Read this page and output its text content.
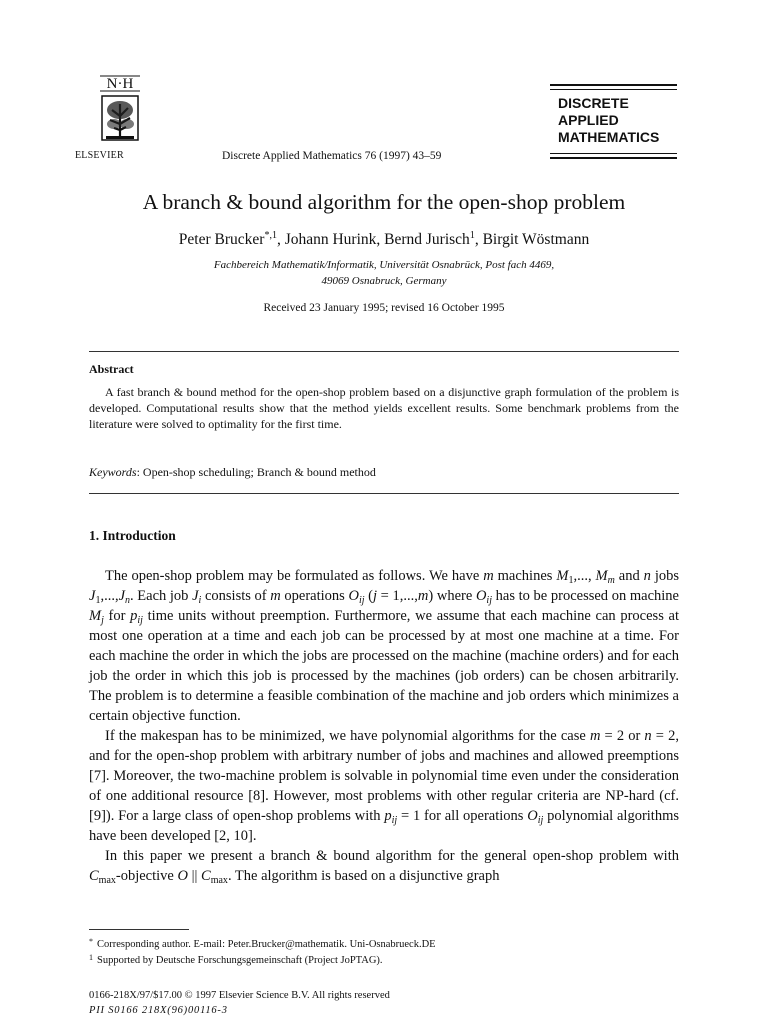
N·H
ELSEVIER	Discrete Applied Mathematics 76 (1997) 43–59
DISCRETE
APPLIED
MATHEMATICS
A branch & bound algorithm for the open-shop problem
Peter Brucker$^{*,1}$, Johann Hurink, Bernd Jurisch$^1$, Birgit Wöstmann
Fachbereich Mathematik/Informatik, Universität Osnabrück, Post fach 4469,
49069 Osnabruck, Germany
Received 23 January 1995; revised 16 October 1995
Abstract
A fast branch & bound method for the open-shop problem based on a disjunctive graph formulation of the problem is developed. Computational results show that the method yields excellent results. Some benchmark problems from the literature were solved to optimality for the first time.
Keywords: Open-shop scheduling; Branch & bound method
1. Introduction

The open-shop problem may be formulated as follows. We have m machines $M_1$,..., $M_m$ and n jobs $J_1,...,J_n$. Each job $J_i$ consists of m operations $O_{ij}$ (j = 1,...,m) where $O_{ij}$ has to be processed on machine $M_j$ for $p_{ij}$ time units without preemption. Furthermore, we assume that each machine can process at most one operation at a time and each job can be processed by at most one machine at a time. For each machine the order in which the jobs are processed on the machine (machine orders) and for each job the order in which this job is processed by the machines (job orders) can be chosen arbitrarily. The problem is to determine a feasible combination of the machine and job orders which minimizes a certain objective function.

If the makespan has to be minimized, we have polynomial algorithms for the case m = 2 or n = 2, and for the open-shop problem with arbitrary number of jobs and machines and allowed preemptions [7]. Moreover, the two-machine problem is solvable in polynomial time even under the consideration of one additional resource [8]. However, most problems with other regular criteria are NP-hard (cf. [9]). For a large class of open-shop problems with $p_{ij} = 1$ for all operations $O_{ij}$ polynomial algorithms have been developed [2, 10].

In this paper we present a branch & bound algorithm for the general open-shop problem with $C_{max}$-objective O || $C_{max}$. The algorithm is based on a disjunctive graph

* Corresponding author. E-mail: Peter.Brucker@mathematik. Uni-Osnabrueck.DE
$^1$ Supported by Deutsche Forschungsgemeinschaft (Project JoPTAG).
0166-218X/97/$17.00 © 1997 Elsevier Science B.V. All rights reserved
PII S0166 218X(96)00116-3
